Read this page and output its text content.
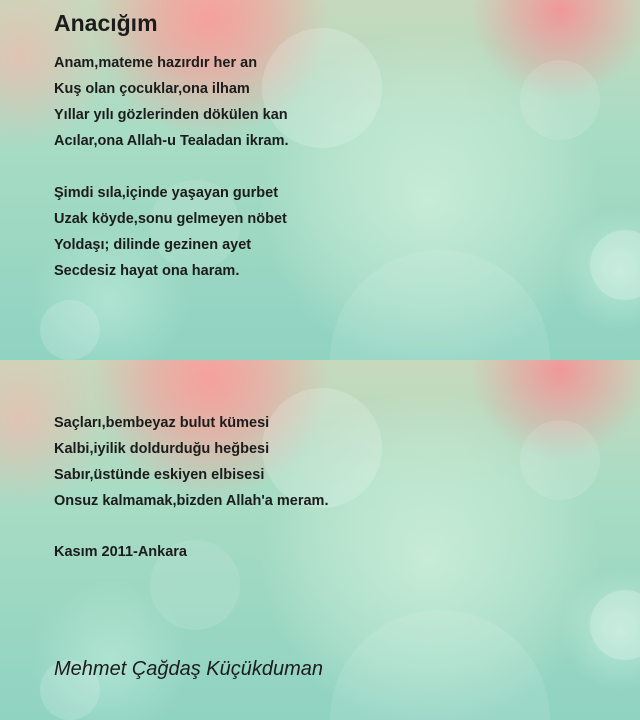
Anacığım
Anam,mateme hazırdır her an
Kuş olan çocuklar,ona ilham
Yıllar yılı gözlerinden dökülen kan
Acılar,ona Allah-u Tealadan ikram.
Şimdi sıla,içinde yaşayan gurbet
Uzak köyde,sonu gelmeyen nöbet
Yoldaşı; dilinde gezinen ayet
Secdesiz hayat ona haram.
Saçları,bembeyaz bulut kümesi
Kalbi,iyilik doldurduğu heğbesi
Sabır,üstünde eskiyen elbisesi
Onsuz kalmamak,bizden Allah'a meram.
Kasım 2011-Ankara
Mehmet Çağdaş Küçükduman
